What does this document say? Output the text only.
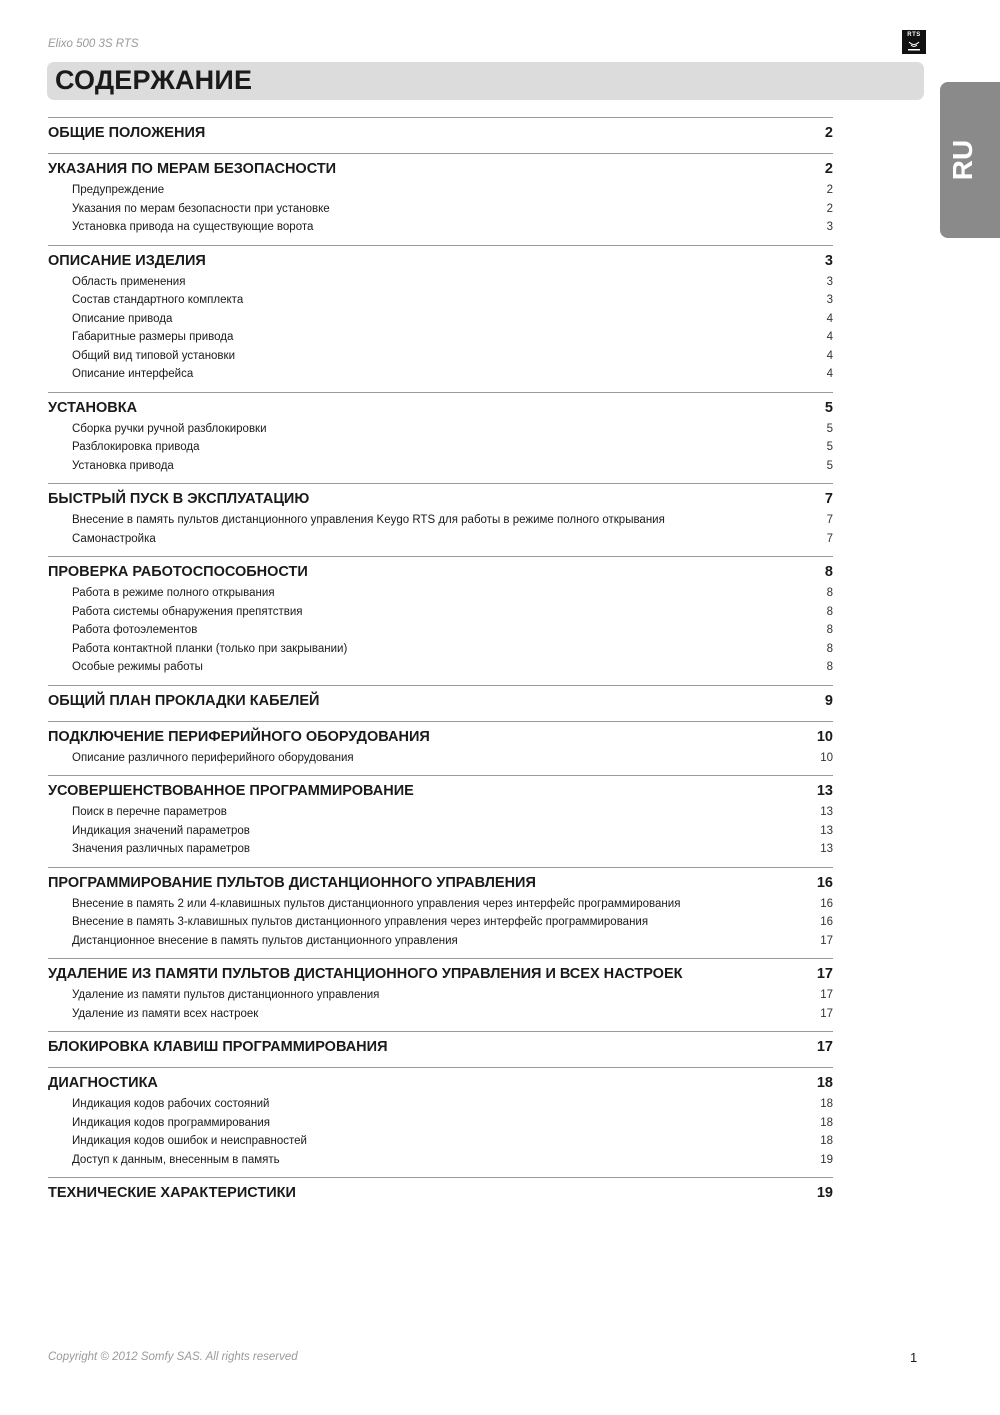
Elixo 500 3S RTS
RTS
СОДЕРЖАНИЕ
RU
ОБЩИЕ ПОЛОЖЕНИЯ	2
УКАЗАНИЯ ПО МЕРАМ БЕЗОПАСНОСТИ	2
Предупреждение	2
Указания по мерам безопасности при установке	2
Установка привода на существующие ворота	3
ОПИСАНИЕ ИЗДЕЛИЯ	3
Область применения	3
Состав стандартного комплекта	3
Описание привода	4
Габаритные размеры привода	4
Общий вид типовой установки	4
Описание интерфейса	4
УСТАНОВКА	5
Сборка ручки ручной разблокировки	5
Разблокировка привода	5
Установка привода	5
БЫСТРЫЙ ПУСК В ЭКСПЛУАТАЦИЮ	7
Внесение в память пультов дистанционного управления Keygo RTS для работы в режиме полного открывания	7
Самонастройка	7
ПРОВЕРКА РАБОТОСПОСОБНОСТИ	8
Работа в режиме полного открывания	8
Работа системы обнаружения препятствия	8
Работа фотоэлементов	8
Работа контактной планки (только при закрывании)	8
Особые режимы работы	8
ОБЩИЙ ПЛАН ПРОКЛАДКИ КАБЕЛЕЙ	9
ПОДКЛЮЧЕНИЕ ПЕРИФЕРИЙНОГО ОБОРУДОВАНИЯ	10
Описание различного периферийного оборудования	10
УСОВЕРШЕНСТВОВАННОЕ ПРОГРАММИРОВАНИЕ	13
Поиск в перечне параметров	13
Индикация значений параметров	13
Значения различных параметров	13
ПРОГРАММИРОВАНИЕ ПУЛЬТОВ ДИСТАНЦИОННОГО УПРАВЛЕНИЯ	16
Внесение в память 2 или 4-клавишных пультов дистанционного управления через интерфейс программирования	16
Внесение в память 3-клавишных пультов дистанционного управления через интерфейс программирования	16
Дистанционное внесение в память пультов дистанционного управления	17
УДАЛЕНИЕ ИЗ ПАМЯТИ ПУЛЬТОВ ДИСТАНЦИОННОГО УПРАВЛЕНИЯ И ВСЕХ НАСТРОЕК	17
Удаление из памяти пультов дистанционного управления	17
Удаление из памяти всех настроек	17
БЛОКИРОВКА КЛАВИШ ПРОГРАММИРОВАНИЯ	17
ДИАГНОСТИКА	18
Индикация кодов рабочих состояний	18
Индикация кодов программирования	18
Индикация кодов ошибок и неисправностей	18
Доступ к данным, внесенным в память	19
ТЕХНИЧЕСКИЕ ХАРАКТЕРИСТИКИ	19
Copyright © 2012 Somfy SAS. All rights reserved	1
